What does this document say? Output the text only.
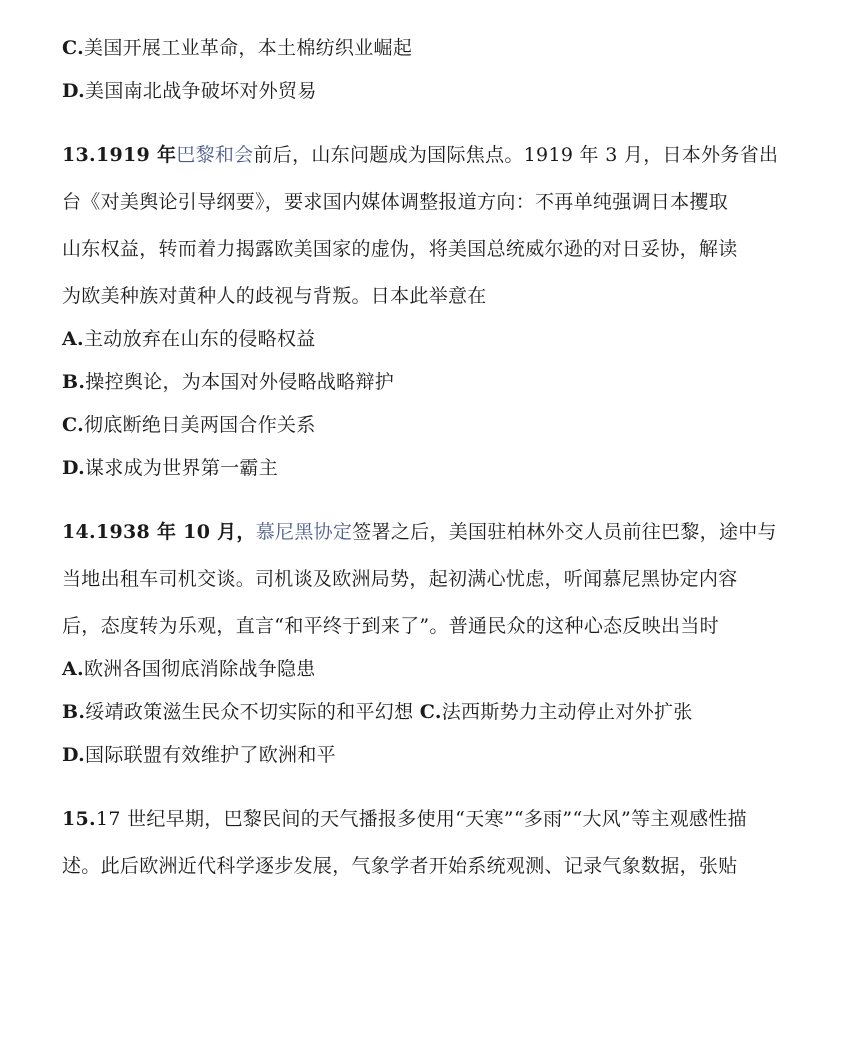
C.美国开展工业革命，本土棉纺织业崛起
D.美国南北战争破坏对外贸易
13.1919 年巴黎和会前后，山东问题成为国际焦点。1919 年 3 月，日本外务省出
台《对美舆论引导纲要》，要求国内媒体调整报道方向：不再单纯强调日本攫取
山东权益，转而着力揭露欧美国家的虚伪，将美国总统威尔逊的对日妥协，解读
为欧美种族对黄种人的歧视与背叛。日本此举意在
A.主动放弃在山东的侵略权益
B.操控舆论，为本国对外侵略战略辩护
C.彻底断绝日美两国合作关系
D.谋求成为世界第一霸主
14.1938 年 10 月，慕尼黑协定签署之后，美国驻柏林外交人员前往巴黎，途中与
当地出租车司机交谈。司机谈及欧洲局势，起初满心忧虑，听闻慕尼黑协定内容
后，态度转为乐观，直言“和平终于到来了”。普通民众的这种心态反映出当时
A.欧洲各国彻底消除战争隐患
B.绥靖政策滋生民众不切实际的和平幻想 C.法西斯势力主动停止对外扩张
D.国际联盟有效维护了欧洲和平
15.17 世纪早期，巴黎民间的天气播报多使用“天寒”“多雨”“大风”等主观感性描
述。此后欧洲近代科学逐步发展，气象学者开始系统观测、记录气象数据，张贴
